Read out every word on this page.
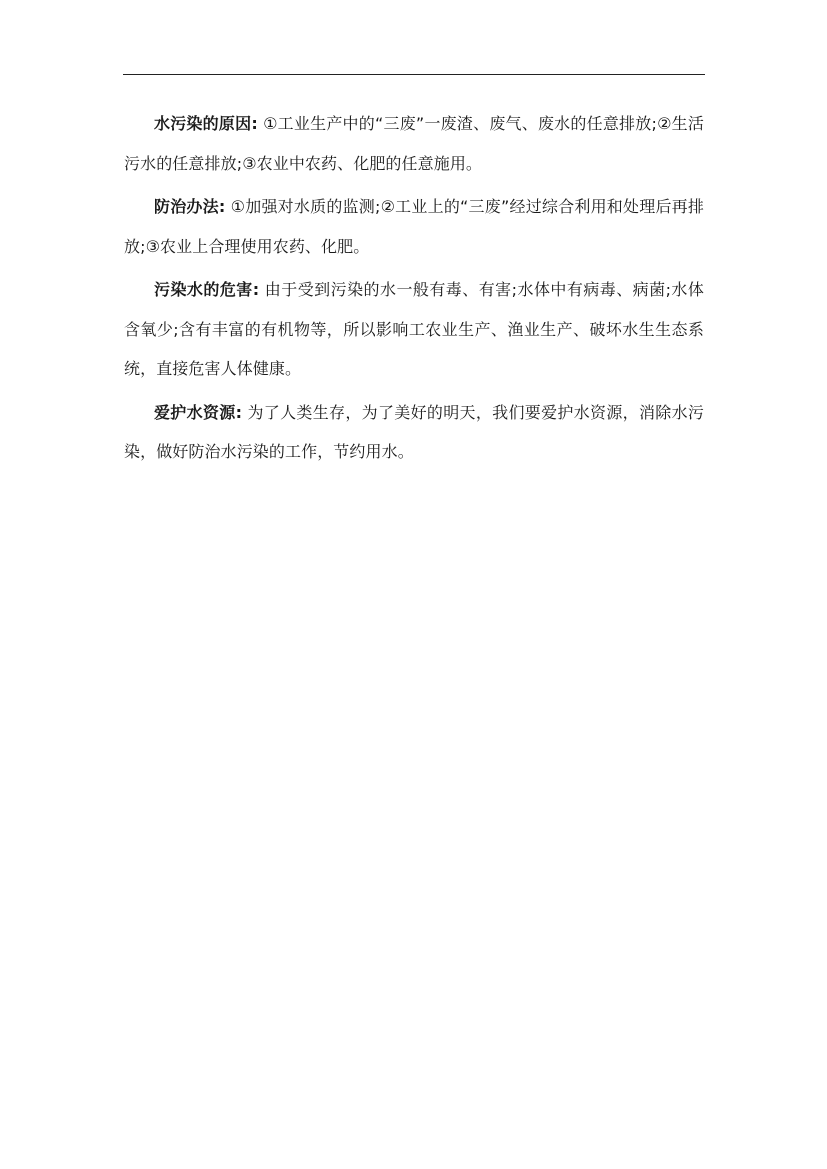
水污染的原因: ①工业生产中的“三废”一废渣、废气、废水的任意排放;②生活污水的任意排放;③农业中农药、化肥的任意施用。

防治办法: ①加强对水质的监测;②工业上的“三废”经过综合利用和处理后再排放;③农业上合理使用农药、化肥。

污染水的危害: 由于受到污染的水一般有毒、有害;水体中有病毒、病菌;水体含氧少;含有丰富的有机物等，所以影响工农业生产、渔业生产、破坏水生生态系统，直接危害人体健康。

爱护水资源: 为了人类生存，为了美好的明天，我们要爱护水资源，消除水污染，做好防治水污染的工作，节约用水。
